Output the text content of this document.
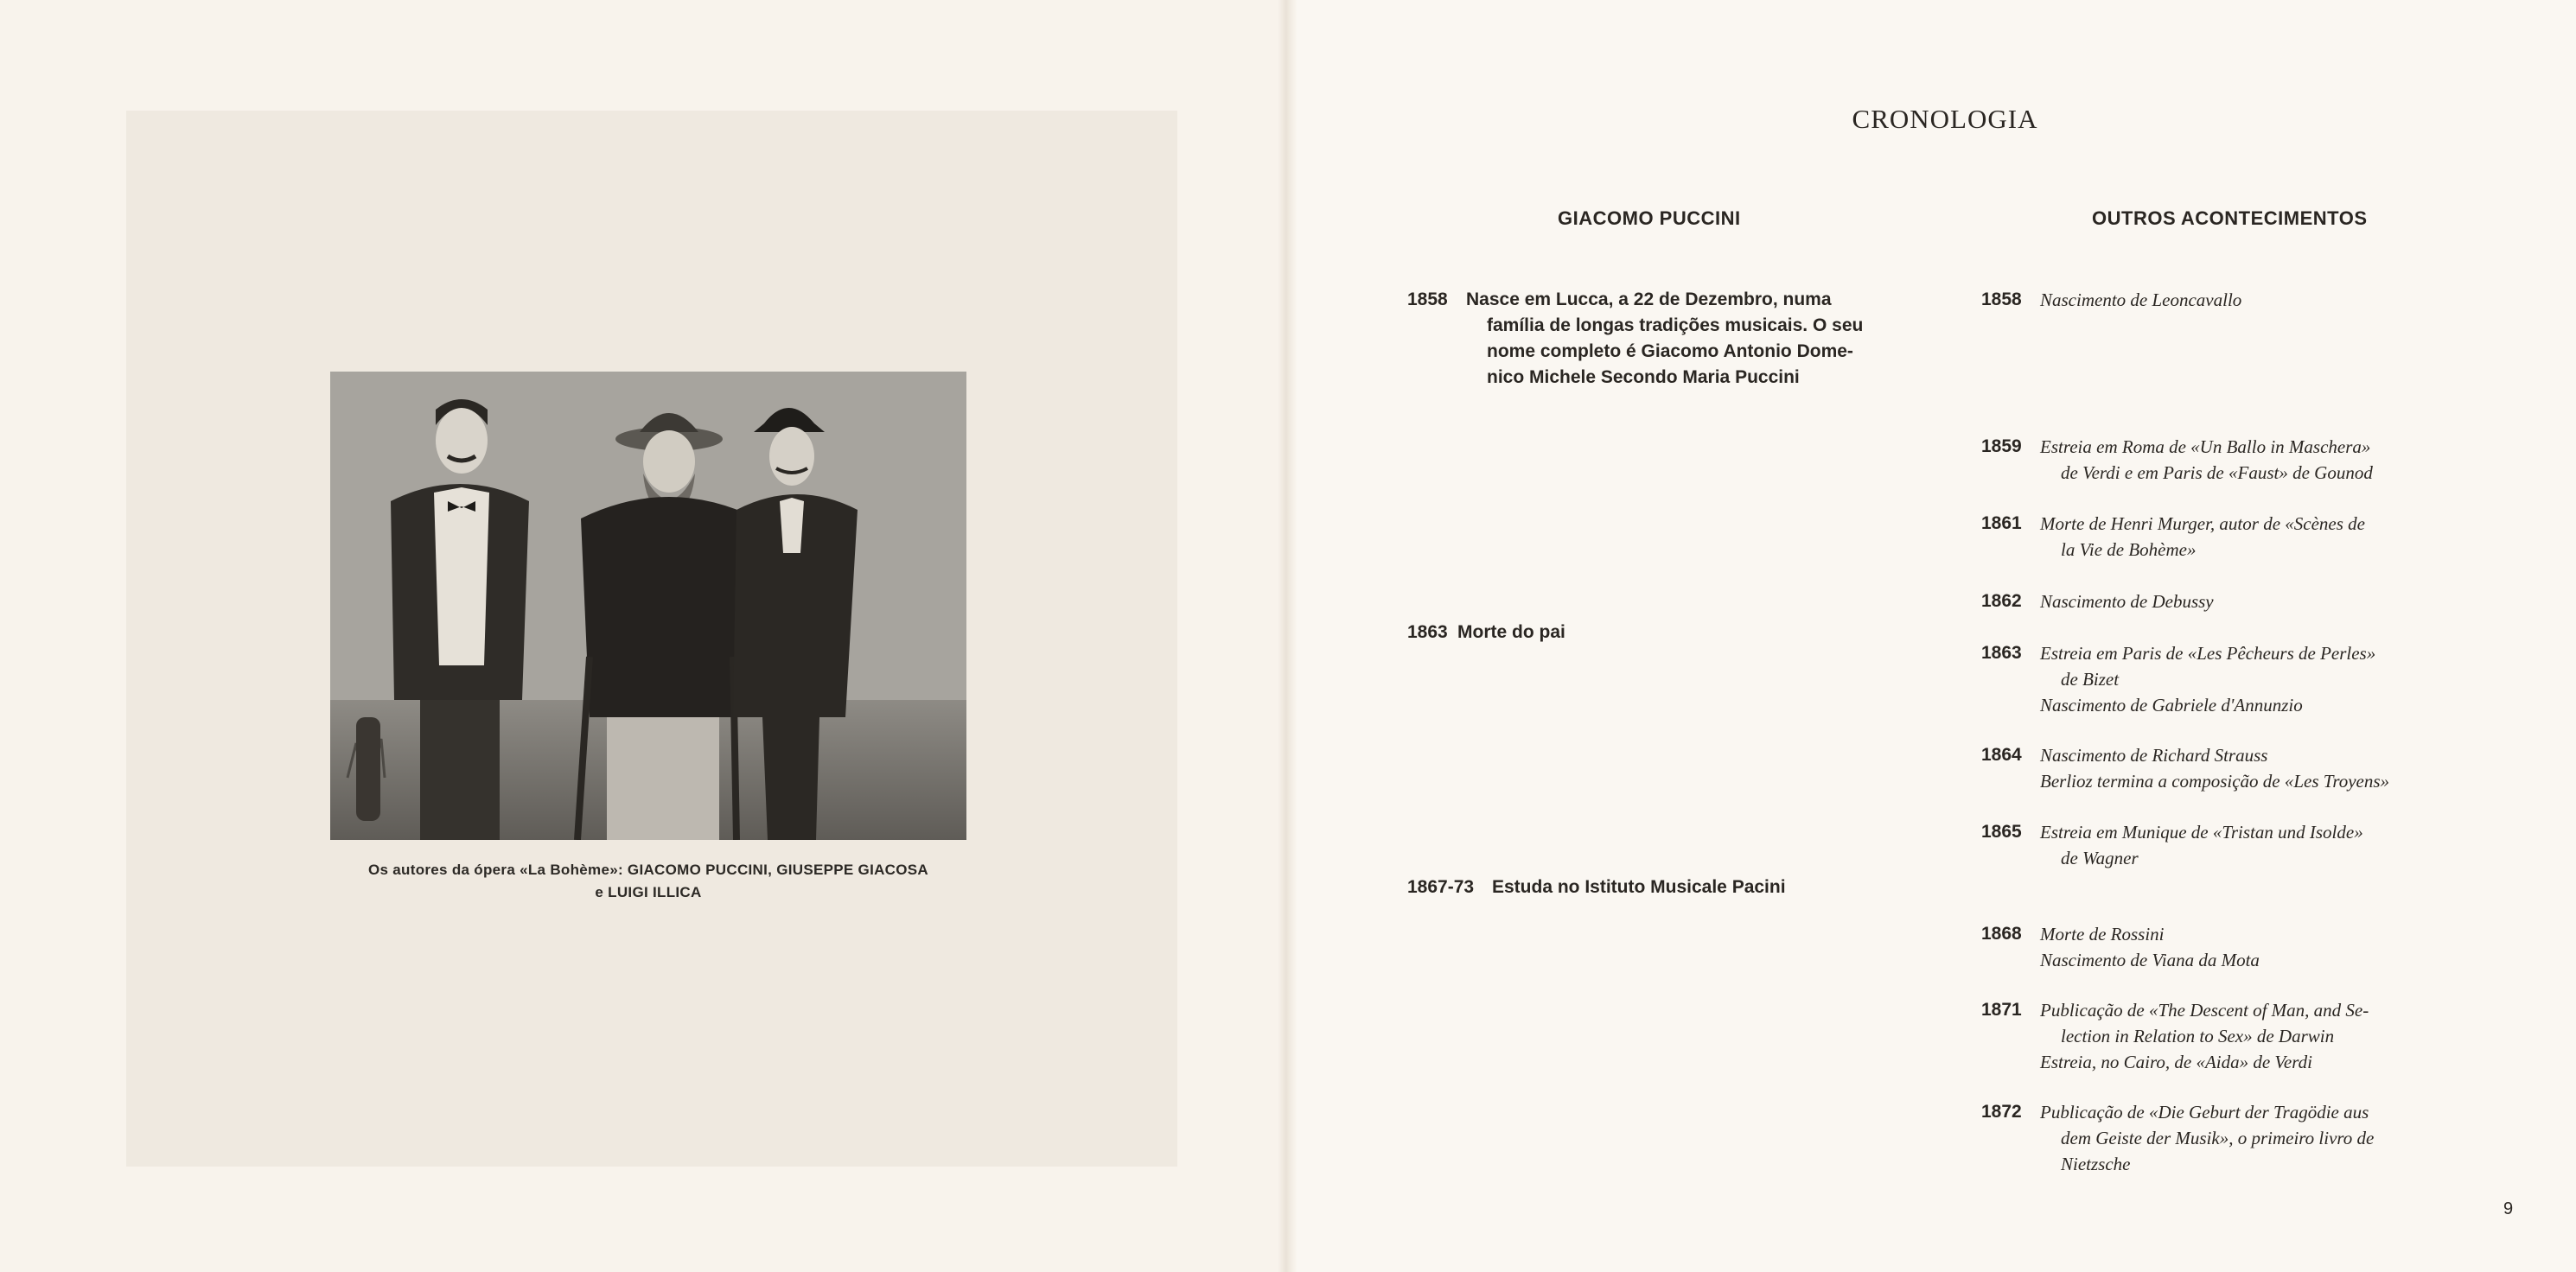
Os autores da ópera «La Bohème»: GIACOMO PUCCINI, GIUSEPPE GIACOSA
e LUIGI ILLICA
CRONOLOGIA
GIACOMO PUCCINI	OUTROS ACONTECIMENTOS
1858 Nasce em Lucca, a 22 de Dezembro, numa
família de longas tradições musicais. O seu
nome completo é Giacomo Antonio Dome-
nico Michele Secondo Maria Puccini
1863 Morte do pai
1867-73 Estuda no Istituto Musicale Pacini
1858 Nascimento de Leoncavallo
1859 Estreia em Roma de «Un Ballo in Maschera»
de Verdi e em Paris de «Faust» de Gounod
1861 Morte de Henri Murger, autor de «Scènes de
la Vie de Bohème»
1862 Nascimento de Debussy
1863 Estreia em Paris de «Les Pêcheurs de Perles»
de Bizet
Nascimento de Gabriele d'Annunzio
1864 Nascimento de Richard Strauss
Berlioz termina a composição de «Les Troyens»
1865 Estreia em Munique de «Tristan und Isolde»
de Wagner
1868 Morte de Rossini
Nascimento de Viana da Mota
1871 Publicação de «The Descent of Man, and Se-
lection in Relation to Sex» de Darwin
Estreia, no Cairo, de «Aida» de Verdi
1872 Publicação de «Die Geburt der Tragödie aus
dem Geiste der Musik», o primeiro livro de
Nietzsche
9
